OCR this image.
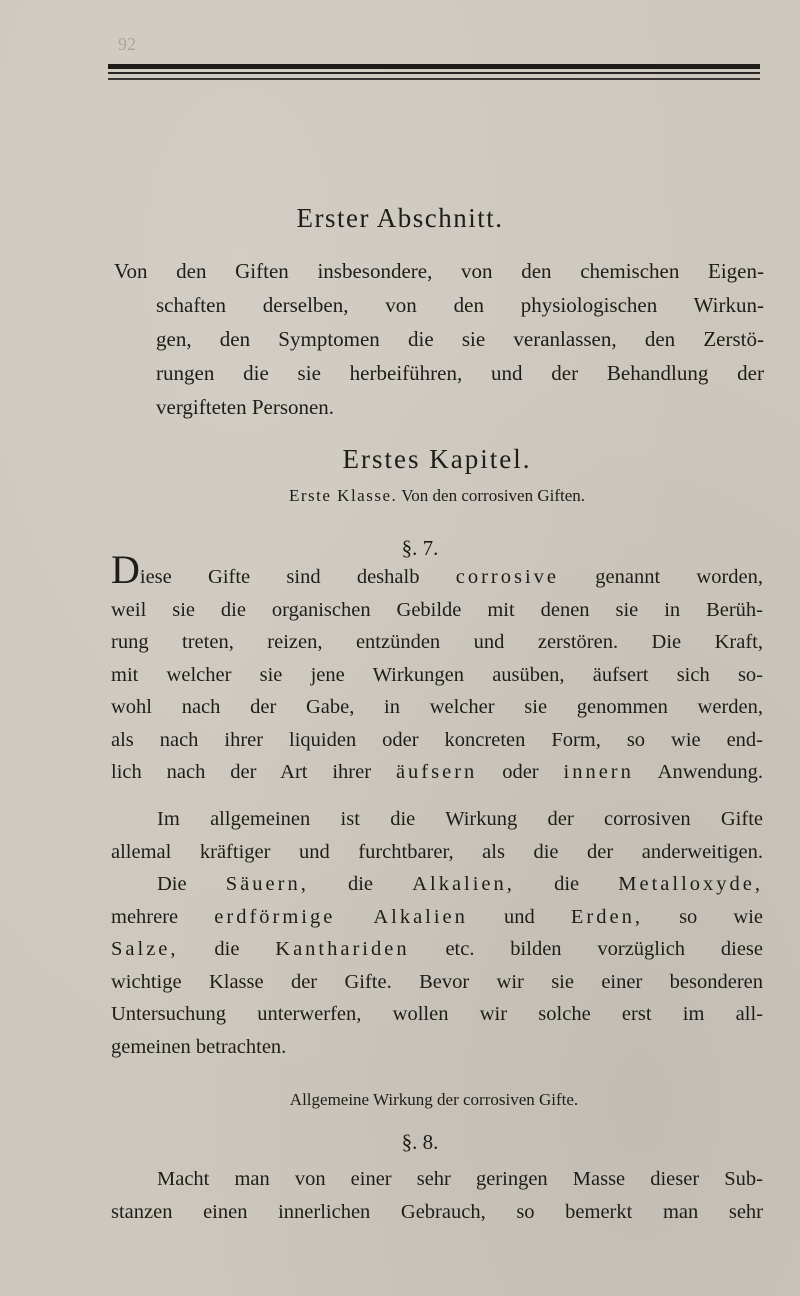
92
Erster Abschnitt.
Von den Giften insbesondere, von den chemischen Eigen-
schaften derselben, von den physiologischen Wirkun-
gen, den Symptomen die sie veranlassen, den Zerstö-
rungen die sie herbeiführen, und der Behandlung der
vergifteten Personen.
Erstes Kapitel.
Erste Klasse. Von den corrosiven Giften.
§. 7.
Diese Gifte sind deshalb corrosive genannt worden,
weil sie die organischen Gebilde mit denen sie in Berüh-
rung treten, reizen, entzünden und zerstören. Die Kraft,
mit welcher sie jene Wirkungen ausüben, äufsert sich so-
wohl nach der Gabe, in welcher sie genommen werden,
als nach ihrer liquiden oder koncreten Form, so wie end-
lich nach der Art ihrer äufsern oder innern Anwendung.
Im allgemeinen ist die Wirkung der corrosiven Gifte
allemal kräftiger und furchtbarer, als die der anderweitigen.
Die Säuern, die Alkalien, die Metalloxyde,
mehrere erdförmige Alkalien und Erden, so wie
Salze, die Kanthariden etc. bilden vorzüglich diese
wichtige Klasse der Gifte. Bevor wir sie einer besonderen
Untersuchung unterwerfen, wollen wir solche erst im all-
gemeinen betrachten.
Allgemeine Wirkung der corrosiven Gifte.
§. 8.
Macht man von einer sehr geringen Masse dieser Sub-
stanzen einen innerlichen Gebrauch, so bemerkt man sehr
